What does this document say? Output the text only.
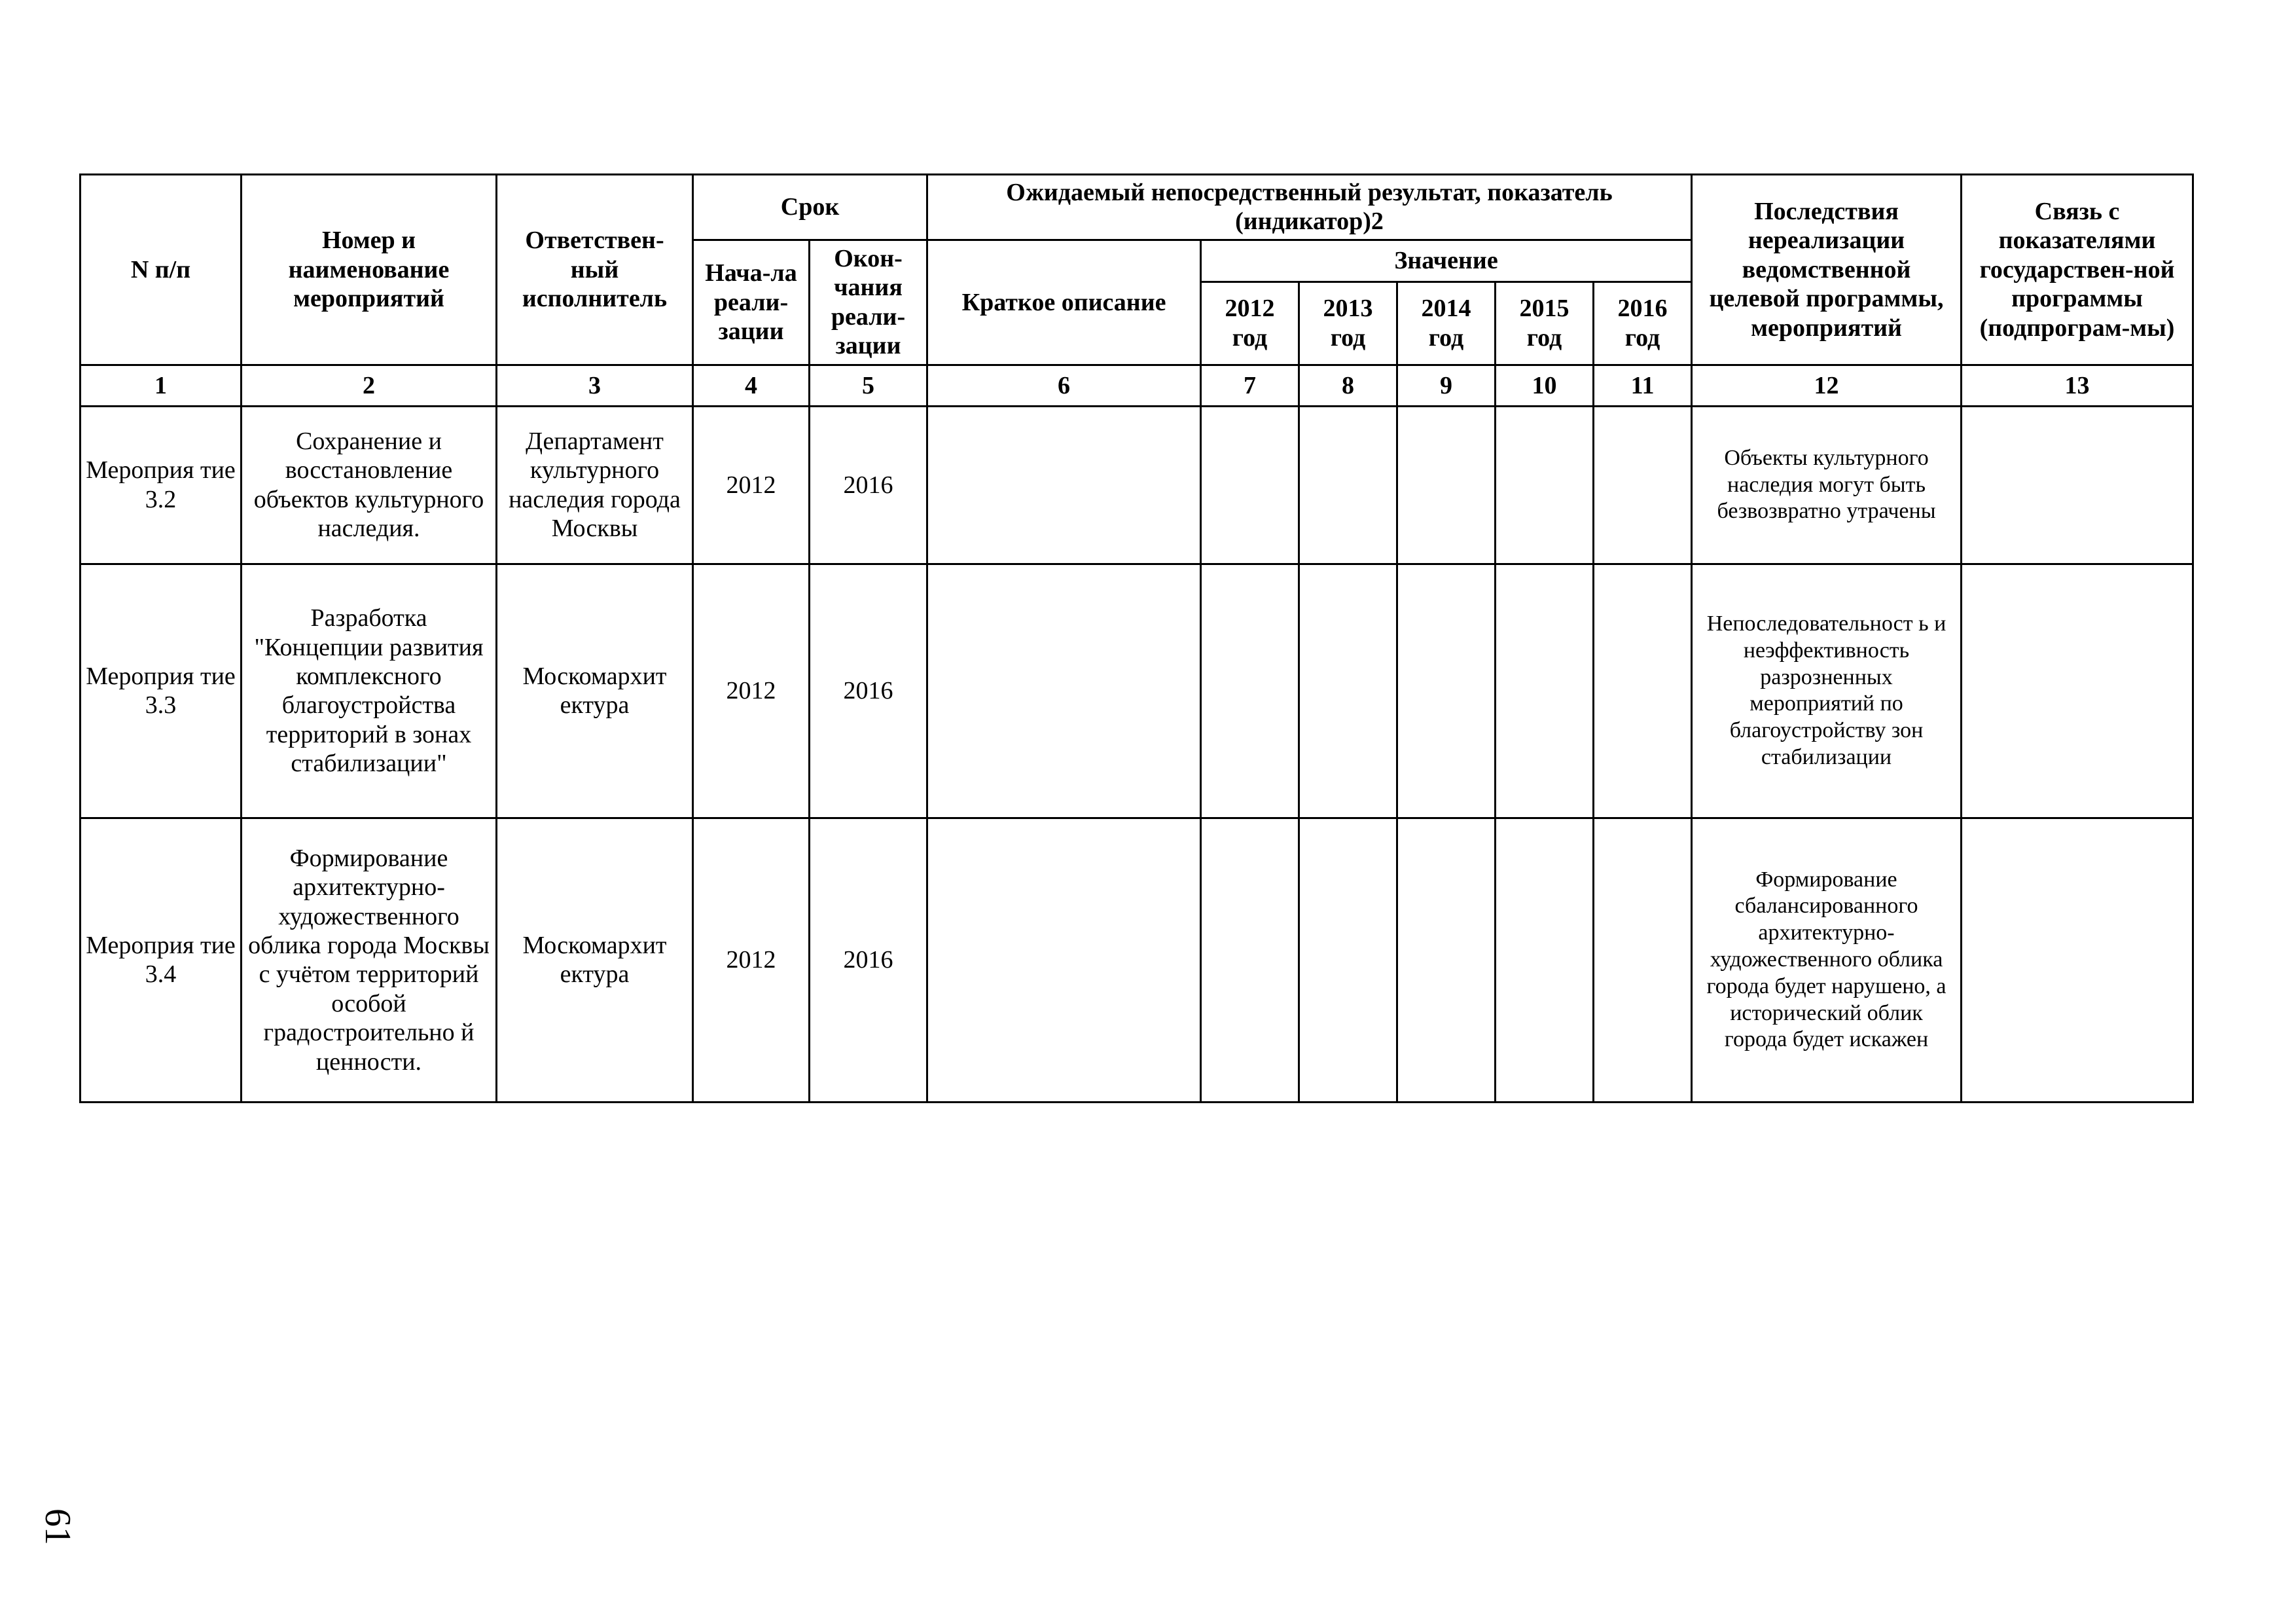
N п/п	Номер и наименование мероприятий	Ответствен-ный исполнитель	Срок		Ожидаемый непосредственный результат, показатель (индикатор)2						Последствия нереализации ведомственной целевой программы, мероприятий	Связь с показателями государствен-ной программы (подпрограм-мы)
			Нача-ла реали-зации	Окон-чания реали-зации	Краткое описание	Значение						
						2012 год	2013 год	2014 год	2015 год	2016 год		
1	2	3	4	5	6	7	8	9	10	11	12	13
Мероприя тие 3.2	Сохранение и восстановление объектов культурного наследия.	Департамент культурного наследия города Москвы	2012	2016							Объекты культурного наследия могут быть безвозвратно утрачены	
Мероприя тие 3.3	Разработка "Концепции развития комплексного благоустройства территорий в зонах стабилизации"	Москомархит ектура	2012	2016							Непоследовательност ь и неэффективность разрозненных мероприятий по благоустройству зон стабилизации	
Мероприя тие 3.4	Формирование архитектурно-художественного облика города Москвы с учётом территорий особой градостроительно й ценности.	Москомархит ектура	2012	2016							Формирование сбалансированного архитектурно-художественного облика города будет нарушено, а исторический облик города будет искажен	
61
